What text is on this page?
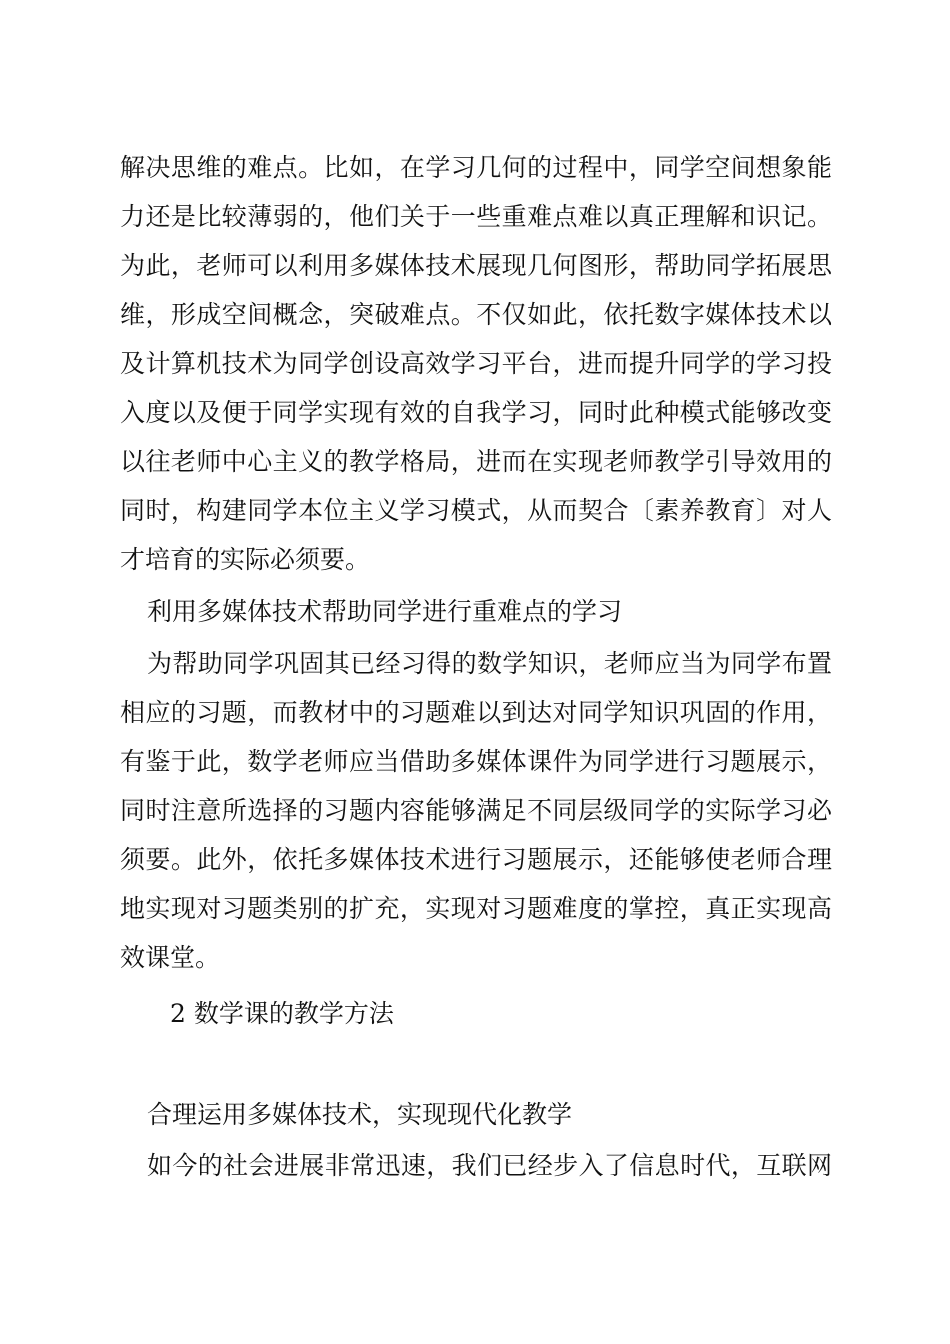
解决思维的难点。比如，在学习几何的过程中，同学空间想象能

力还是比较薄弱的，他们关于一些重难点难以真正理解和识记。

为此，老师可以利用多媒体技术展现几何图形，帮助同学拓展思

维，形成空间概念，突破难点。不仅如此，依托数字媒体技术以

及计算机技术为同学创设高效学习平台，进而提升同学的学习投

入度以及便于同学实现有效的自我学习，同时此种模式能够改变

以往老师中心主义的教学格局，进而在实现老师教学引导效用的

同时，构建同学本位主义学习模式，从而契合〔素养教育〕对人

才培育的实际必须要。

利用多媒体技术帮助同学进行重难点的学习

为帮助同学巩固其已经习得的数学知识，老师应当为同学布置

相应的习题，而教材中的习题难以到达对同学知识巩固的作用，

有鉴于此，数学老师应当借助多媒体课件为同学进行习题展示，

同时注意所选择的习题内容能够满足不同层级同学的实际学习必

须要。此外，依托多媒体技术进行习题展示，还能够使老师合理

地实现对习题类别的扩充，实现对习题难度的掌控，真正实现高

效课堂。

2 数学课的教学方法

合理运用多媒体技术，实现现代化教学

如今的社会进展非常迅速，我们已经步入了信息时代，互联网
